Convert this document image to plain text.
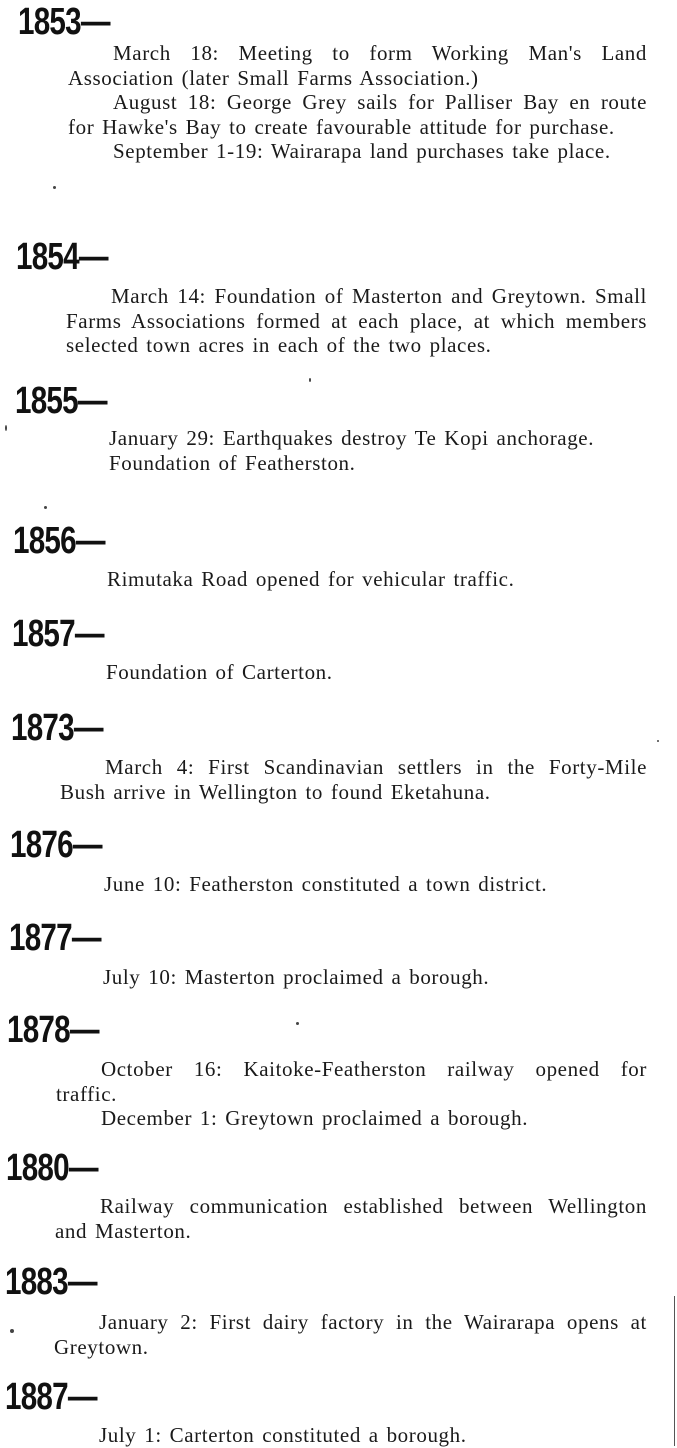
1853—

March 18: Meeting to form Working Man's Land Association (later Small Farms Association.)

August 18: George Grey sails for Palliser Bay en route for Hawke's Bay to create favourable attitude for purchase.

September 1-19: Wairarapa land purchases take place.

1854—

March 14: Foundation of Masterton and Greytown. Small Farms Associations formed at each place, at which members selected town acres in each of the two places.

1855—

January 29: Earthquakes destroy Te Kopi anchorage.

Foundation of Featherston.

1856—

Rimutaka Road opened for vehicular traffic.

1857—

Foundation of Carterton.

1873—

March 4: First Scandinavian settlers in the Forty-Mile Bush arrive in Wellington to found Eketahuna.

1876—

June 10: Featherston constituted a town district.

1877—

July 10: Masterton proclaimed a borough.

1878—

October 16: Kaitoke-Featherston railway opened for traffic.

December 1: Greytown proclaimed a borough.

1880—

Railway communication established between Wellington and Masterton.

1883—

January 2: First dairy factory in the Wairarapa opens at Greytown.

1887—

July 1: Carterton constituted a borough.
